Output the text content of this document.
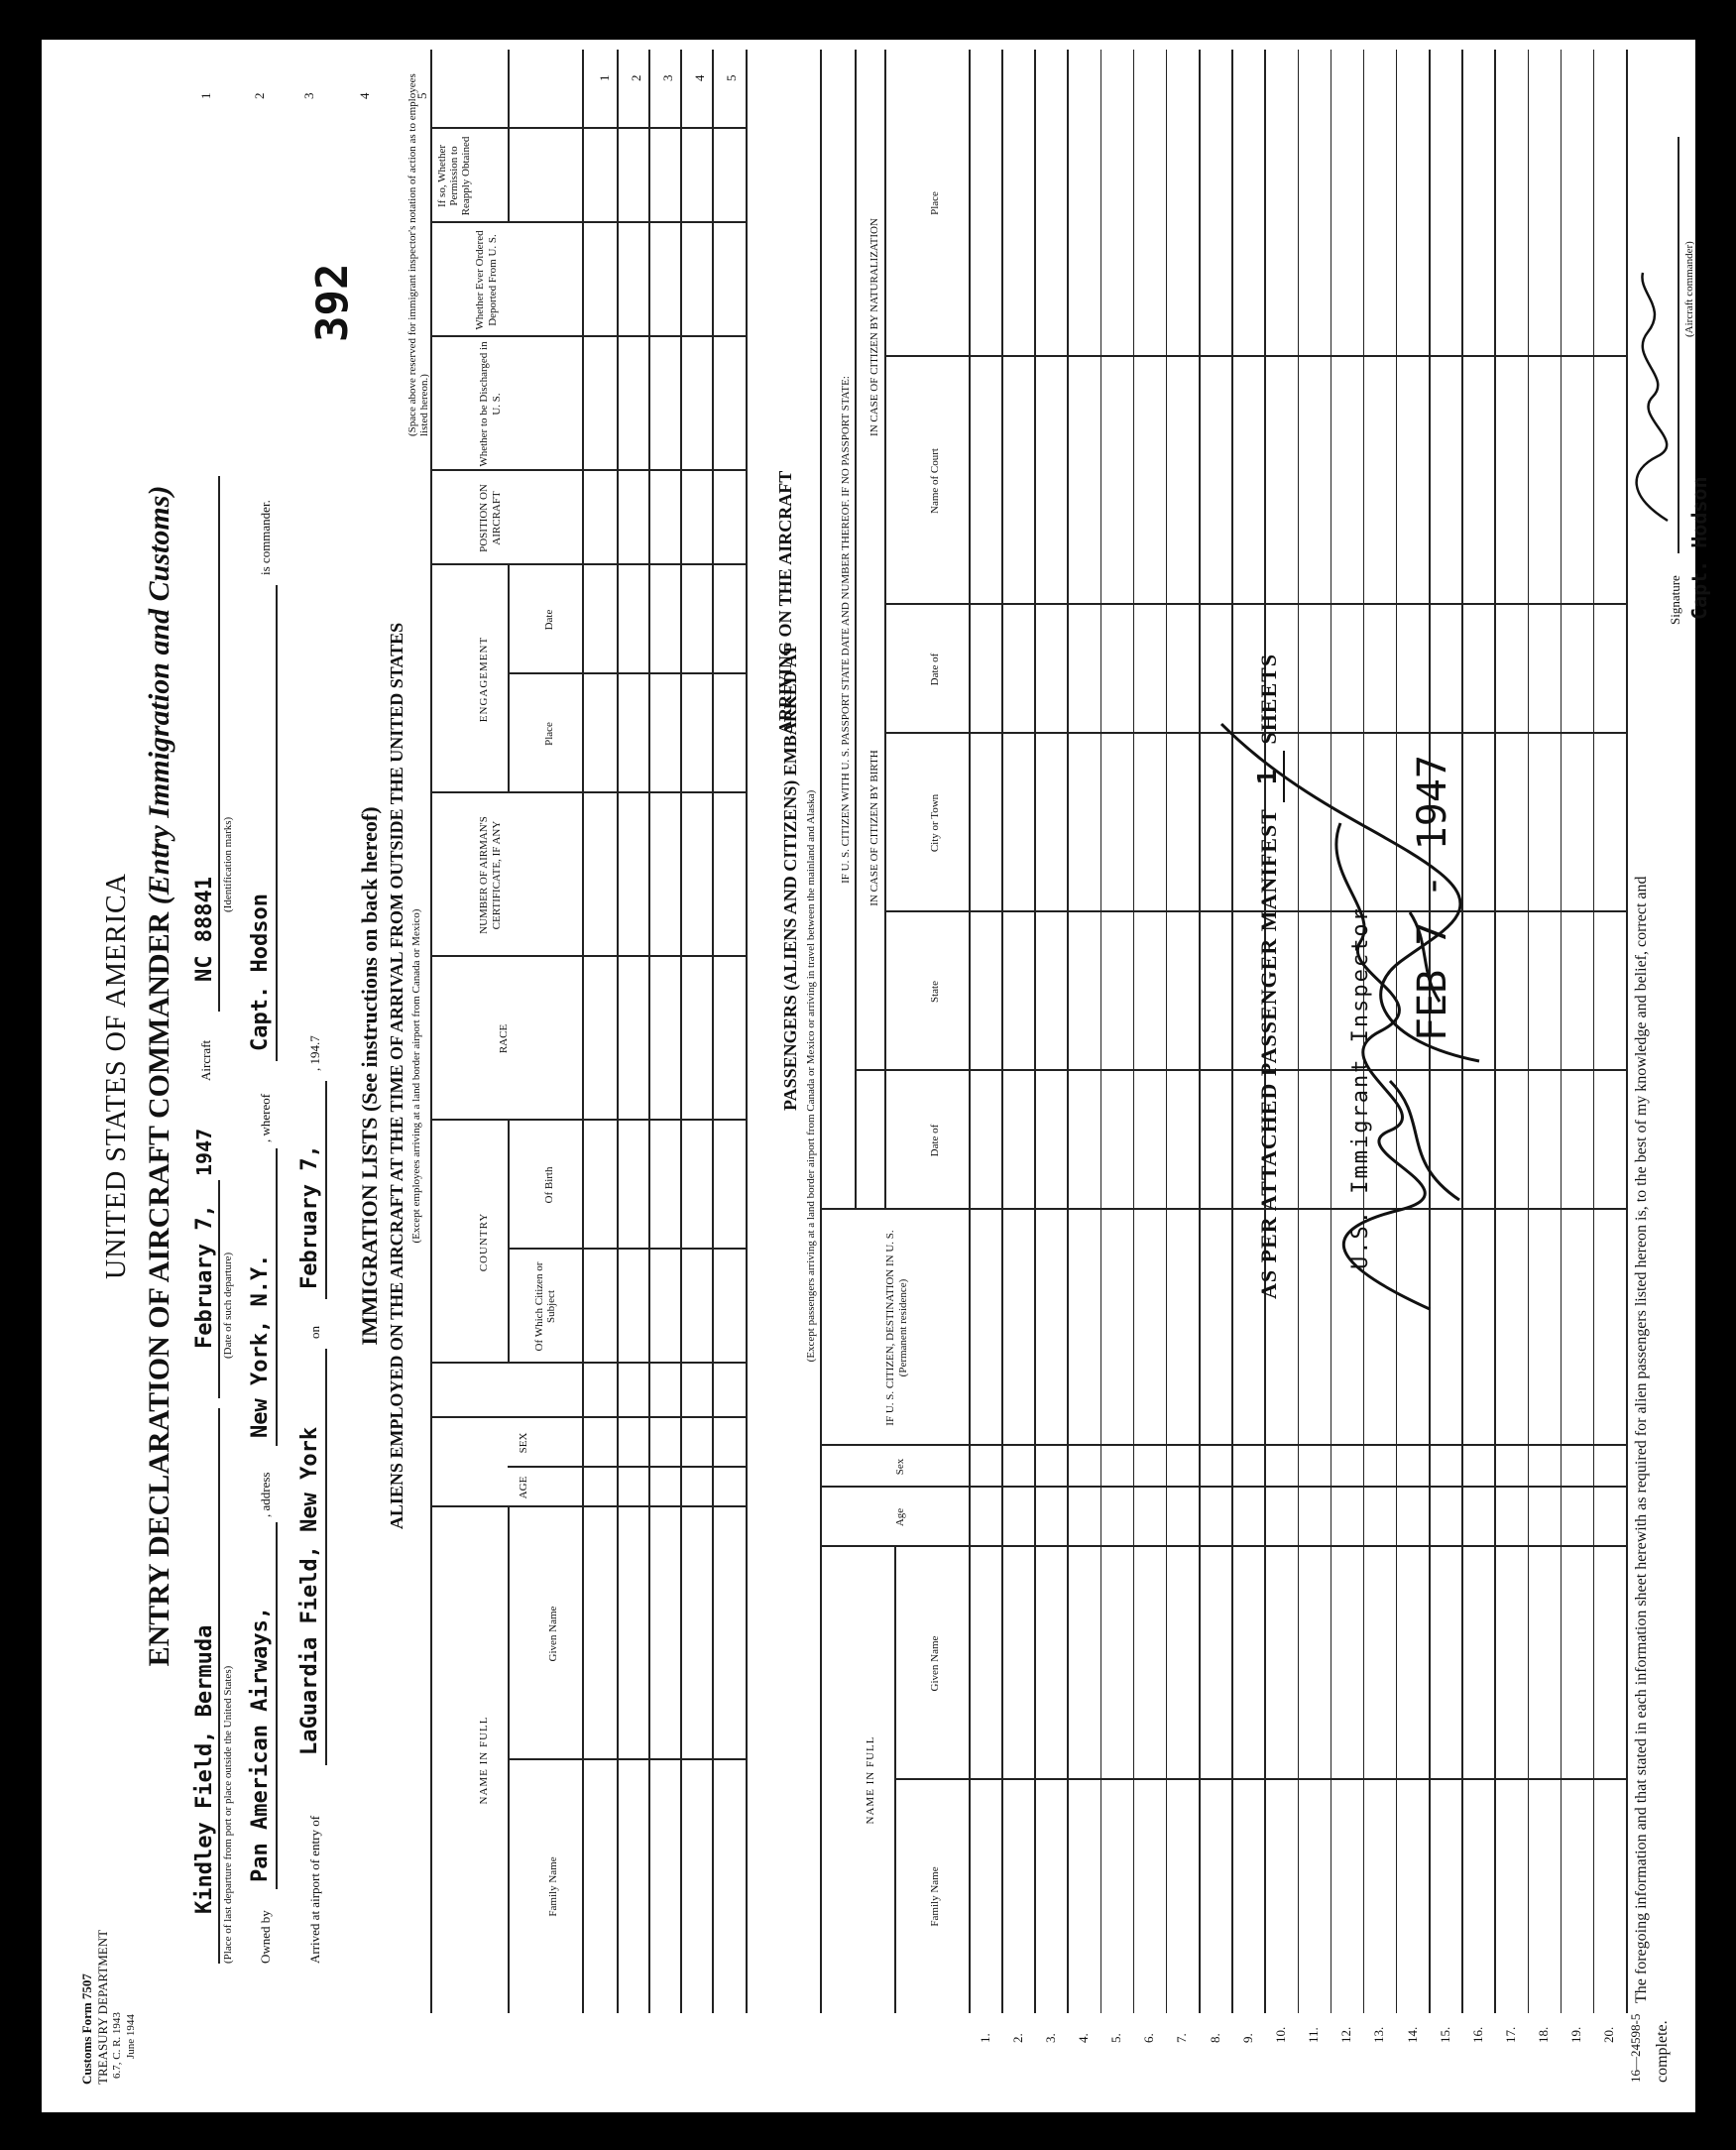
Customs Form 7507 TREASURY DEPARTMENT 6.7, C. R. 1943 June 1944
UNITED STATES OF AMERICA ENTRY DECLARATION OF AIRCRAFT COMMANDER (Entry Immigration and Customs)
Kindley Field, Bermuda (Place of last departure from port or place outside the United States)
February 7, (Date of such departure)
1947
Aircraft
NC 88841
(Identification marks)
1
Owned by
Pan American Airways,
, address
New York, N.Y.
, whereof
Capt. Hodson
is commander.
2
Arrived at airport of entry of
LaGuardia Field, New York
on
February 7,
, 194.7
3
392
4
IMMIGRATION LISTS (See instructions on back hereof) ALIENS EMPLOYED ON THE AIRCRAFT AT THE TIME OF ARRIVAL FROM OUTSIDE THE UNITED STATES (Except employees arriving at a land border airport from Canada or Mexico)
(Space above reserved for immigrant inspector's notation of action as to employees listed hereon.)
5
NAME IN FULL
Family Name
Given Name
AGE
SEX
COUNTRY
Of Which Citizen or Subject
Of Birth
RACE
NUMBER OF AIRMAN'S CERTIFICATE, IF ANY
ENGAGEMENT
Place
Date
POSITION ON AIRCRAFT
Whether to be Discharged in U. S.
Whether Ever Ordered Deported From U. S.
If so, Whether Permission to Reapply Obtained
1 2 3 4 5
PASSENGERS (ALIENS AND CITIZENS) EMBARKED AT
ARRIVING ON THE AIRCRAFT
(Except passengers arriving at a land border airport from Canada or Mexico or arriving in travel between the mainland and Alaska)
NAME IN FULL
Family Name
Given Name
Age
Sex
IF U. S. CITIZEN, DESTINATION IN U. S. (Permanent residence)
IF U. S. CITIZEN WITH U. S. PASSPORT STATE DATE AND NUMBER THEREOF. IF NO PASSPORT STATE: IN CASE OF CITIZEN BY BIRTH
IN CASE OF CITIZEN BY NATURALIZATION
Date of
State
City or Town
Date of
Name of Court
Place
1. 2. 3. 4. 5. 6. 7. 8. 9. 10. 11. 12. 13. 14. 15. 16. 17. 18. 19. 20.
AS PER ATTACHED PASSENGER MANIFEST 1 SHEETS
U.S. Immigrant Inspector
FEB 7 - 1947
16—24598-5
The foregoing information and that stated in each information sheet herewith as required for alien passengers listed hereon is, to the best of my knowledge and belief, correct and
complete.
Signature Capt. Hodson
(Aircraft commander)
